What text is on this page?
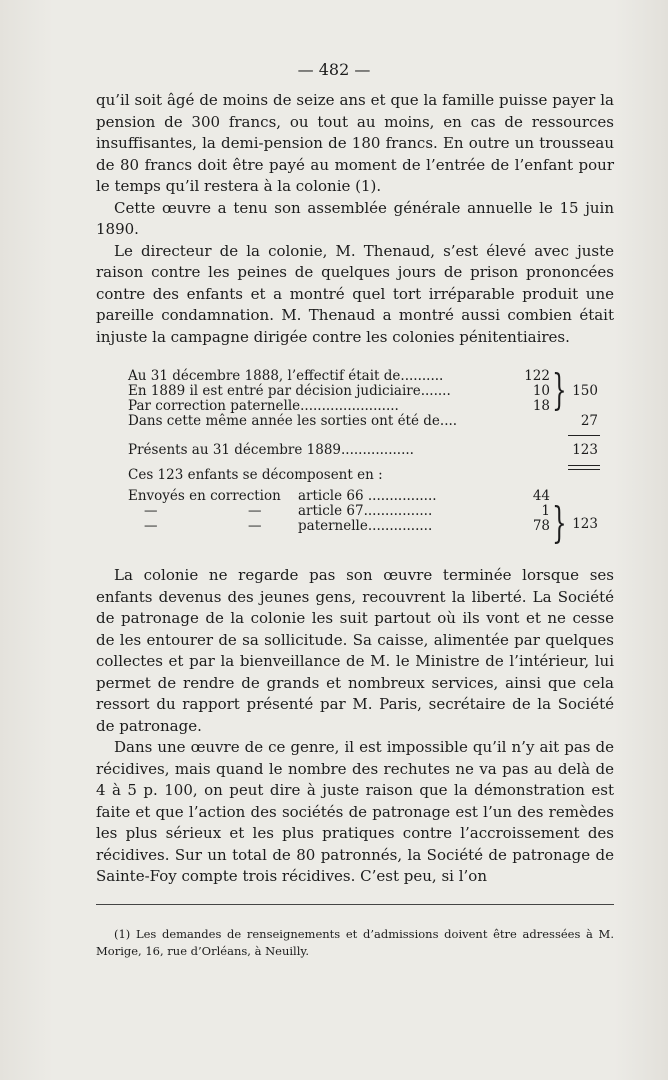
— 482 —

qu’il soit âgé de moins de seize ans et que la famille puisse payer la pension de 300 francs, ou tout au moins, en cas de ressources insuffisantes, la demi-pension de 180 francs. En outre un trousseau de 80 francs doit être payé au moment de l’entrée de l’enfant pour le temps qu’il restera à la colonie (1).

Cette œuvre a tenu son assemblée générale annuelle le 15 juin 1890.

Le directeur de la colonie, M. Thenaud, s’est élevé avec juste raison contre les peines de quelques jours de prison prononcées contre des enfants et a montré quel tort irréparable produit une pareille condamnation. M. Thenaud a montré aussi combien était injuste la campagne dirigée contre les colonies pénitentiaires.

Au 31 décembre 1888, l’effectif était de..........	122
En 1889 il est entré par décision judiciaire.......	10
Par correction paternelle.......................	18 } 150
Dans cette même année les sorties ont été de....	27
Présents au 31 décembre 1889.................	123
Ces 123 enfants se décomposent en :
Envoyés en correction article 66 ................	44
—	—	article 67................	1
—	—	paternelle...............	78 } 123

La colonie ne regarde pas son œuvre terminée lorsque ses enfants devenus des jeunes gens, recouvrent la liberté. La Société de patronage de la colonie les suit partout où ils vont et ne cesse de les entourer de sa sollicitude. Sa caisse, alimentée par quelques collectes et par la bienveillance de M. le Ministre de l’intérieur, lui permet de rendre de grands et nombreux services, ainsi que cela ressort du rapport présenté par M. Paris, secrétaire de la Société de patronage.

Dans une œuvre de ce genre, il est impossible qu’il n’y ait pas de récidives, mais quand le nombre des rechutes ne va pas au delà de 4 à 5 p. 100, on peut dire à juste raison que la démonstration est faite et que l’action des sociétés de patronage est l’un des remèdes les plus sérieux et les plus pratiques contre l’accroissement des récidives. Sur un total de 80 patronnés, la Société de patronage de Sainte-Foy compte trois récidives. C’est peu, si l’on

(1) Les demandes de renseignements et d’admissions doivent être adressées à M. Morige, 16, rue d’Orléans, à Neuilly.
